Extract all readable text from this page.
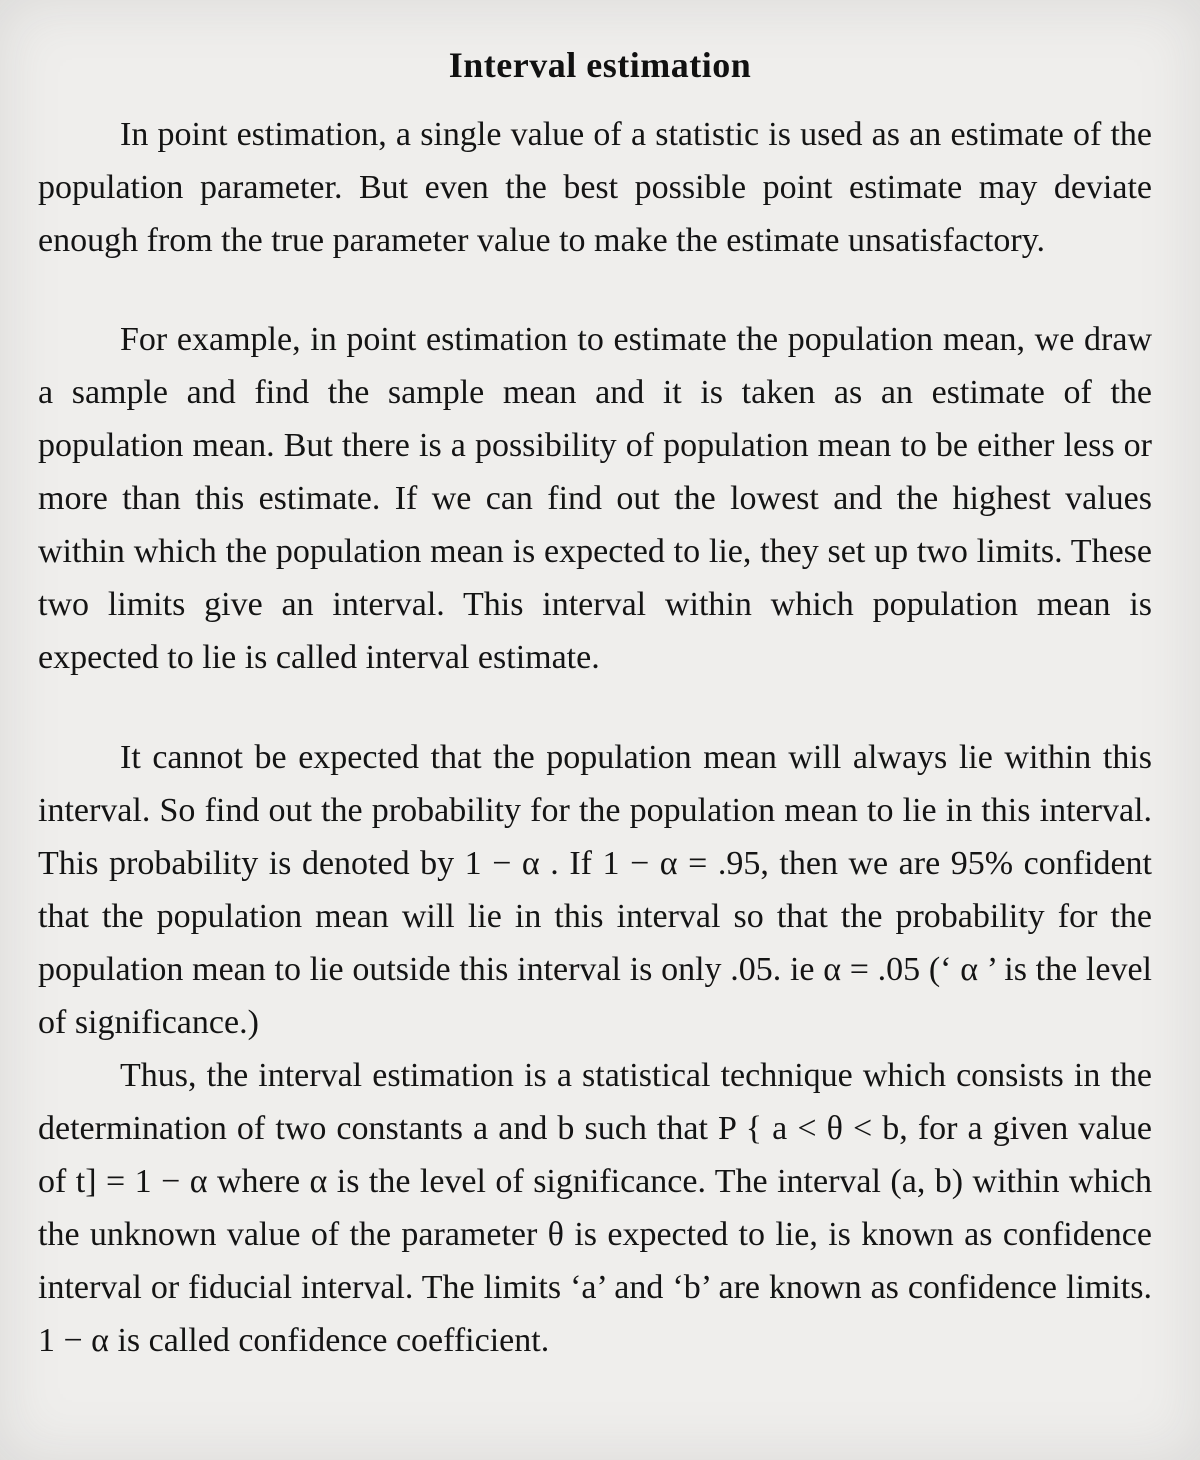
Interval estimation

In point estimation, a single value of a statistic is used as an estimate of the population parameter. But even the best possible point estimate may deviate enough from the true parameter value to make the estimate unsatisfactory.

For example, in point estimation to estimate the population mean, we draw a sample and find the sample mean and it is taken as an estimate of the population mean. But there is a possibility of population mean to be either less or more than this estimate. If we can find out the lowest and the highest values within which the population mean is expected to lie, they set up two limits. These two limits give an interval. This interval within which population mean is expected to lie is called interval estimate.

It cannot be expected that the population mean will always lie within this interval. So find out the probability for the population mean to lie in this interval. This probability is denoted by 1 − α . If 1 − α = .95, then we are 95% confident that the population mean will lie in this interval so that the probability for the population mean to lie outside this interval is only .05. ie α = .05 (‘ α ’ is the level of significance.)

Thus, the interval estimation is a statistical technique which consists in the determination of two constants a and b such that P { a < θ < b, for a given value of t] = 1 − α where α is the level of significance. The interval (a, b) within which the unknown value of the parameter θ is expected to lie, is known as confidence interval or fiducial interval. The limits ‘a’ and ‘b’ are known as confidence limits. 1 − α is called confidence coefficient.
